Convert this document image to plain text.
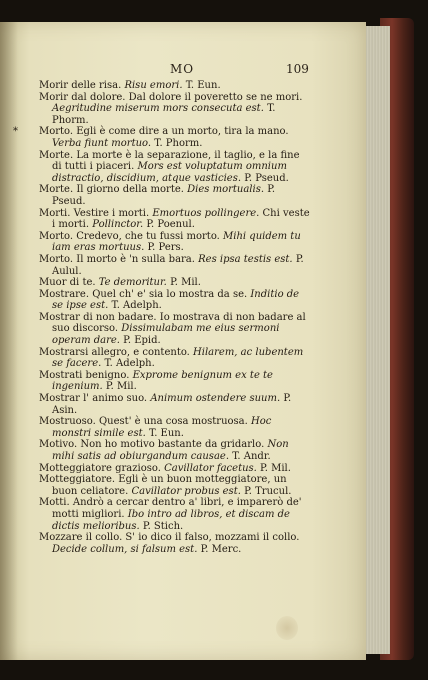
MO	109
Morir delle risa. Risu emori. T. Eun.
Morir dal dolore. Dal dolore il poveretto se ne mori. Aegritudine miserum mors consecuta est. T. Phorm.
Morto. Egli è come dire a un morto, tira la mano. Verba fiunt mortuo. T. Phorm.
Morte. La morte è la separazione, il taglio, e la fine di tutti i piaceri. Mors est voluptatum omnium distractio, discidium, atque vasticies. P. Pseud.
Morte. Il giorno della morte. Dies mortualis. P. Pseud.
Morti. Vestire i morti. Emortuos pollingere. Chi veste i morti. Pollinctor. P. Poenul.
Morto. Credevo, che tu fussi morto. Mihi quidem tu iam eras mortuus. P. Pers.
Morto. Il morto è 'n sulla bara. Res ipsa testis est. P. Aulul.
Muor di te. Te demoritur. P. Mil.
Mostrare. Quel ch' e' sia lo mostra da se. Inditio de se ipse est. T. Adelph.
Mostrar di non badare. Io mostrava di non badare al suo discorso. Dissimulabam me eius sermoni operam dare. P. Epid.
Mostrarsi allegro, e contento. Hilarem, ac lubentem se facere. T. Adelph.
Mostrati benigno. Exprome benignum ex te te ingenium. P. Mil.
Mostrar l' animo suo. Animum ostendere suum. P. Asin.
Mostruoso. Quest' è una cosa mostruosa. Hoc monstri simile est. T. Eun.
Motivo. Non ho motivo bastante da gridarlo. Non mihi satis ad obiurgandum causae. T. Andr.
Motteggiatore grazioso. Cavillator facetus. P. Mil.
Motteggiatore. Egli è un buon motteggiatore, un buon celiatore. Cavillator probus est. P. Trucul.
Motti. Andrò a cercar dentro a' libri, e imparerò de' motti migliori. Ibo intro ad libros, et discam de dictis melioribus. P. Stich.
Mozzare il collo. S' io dico il falso, mozzami il collo. Decide collum, si falsum est. P. Merc.
